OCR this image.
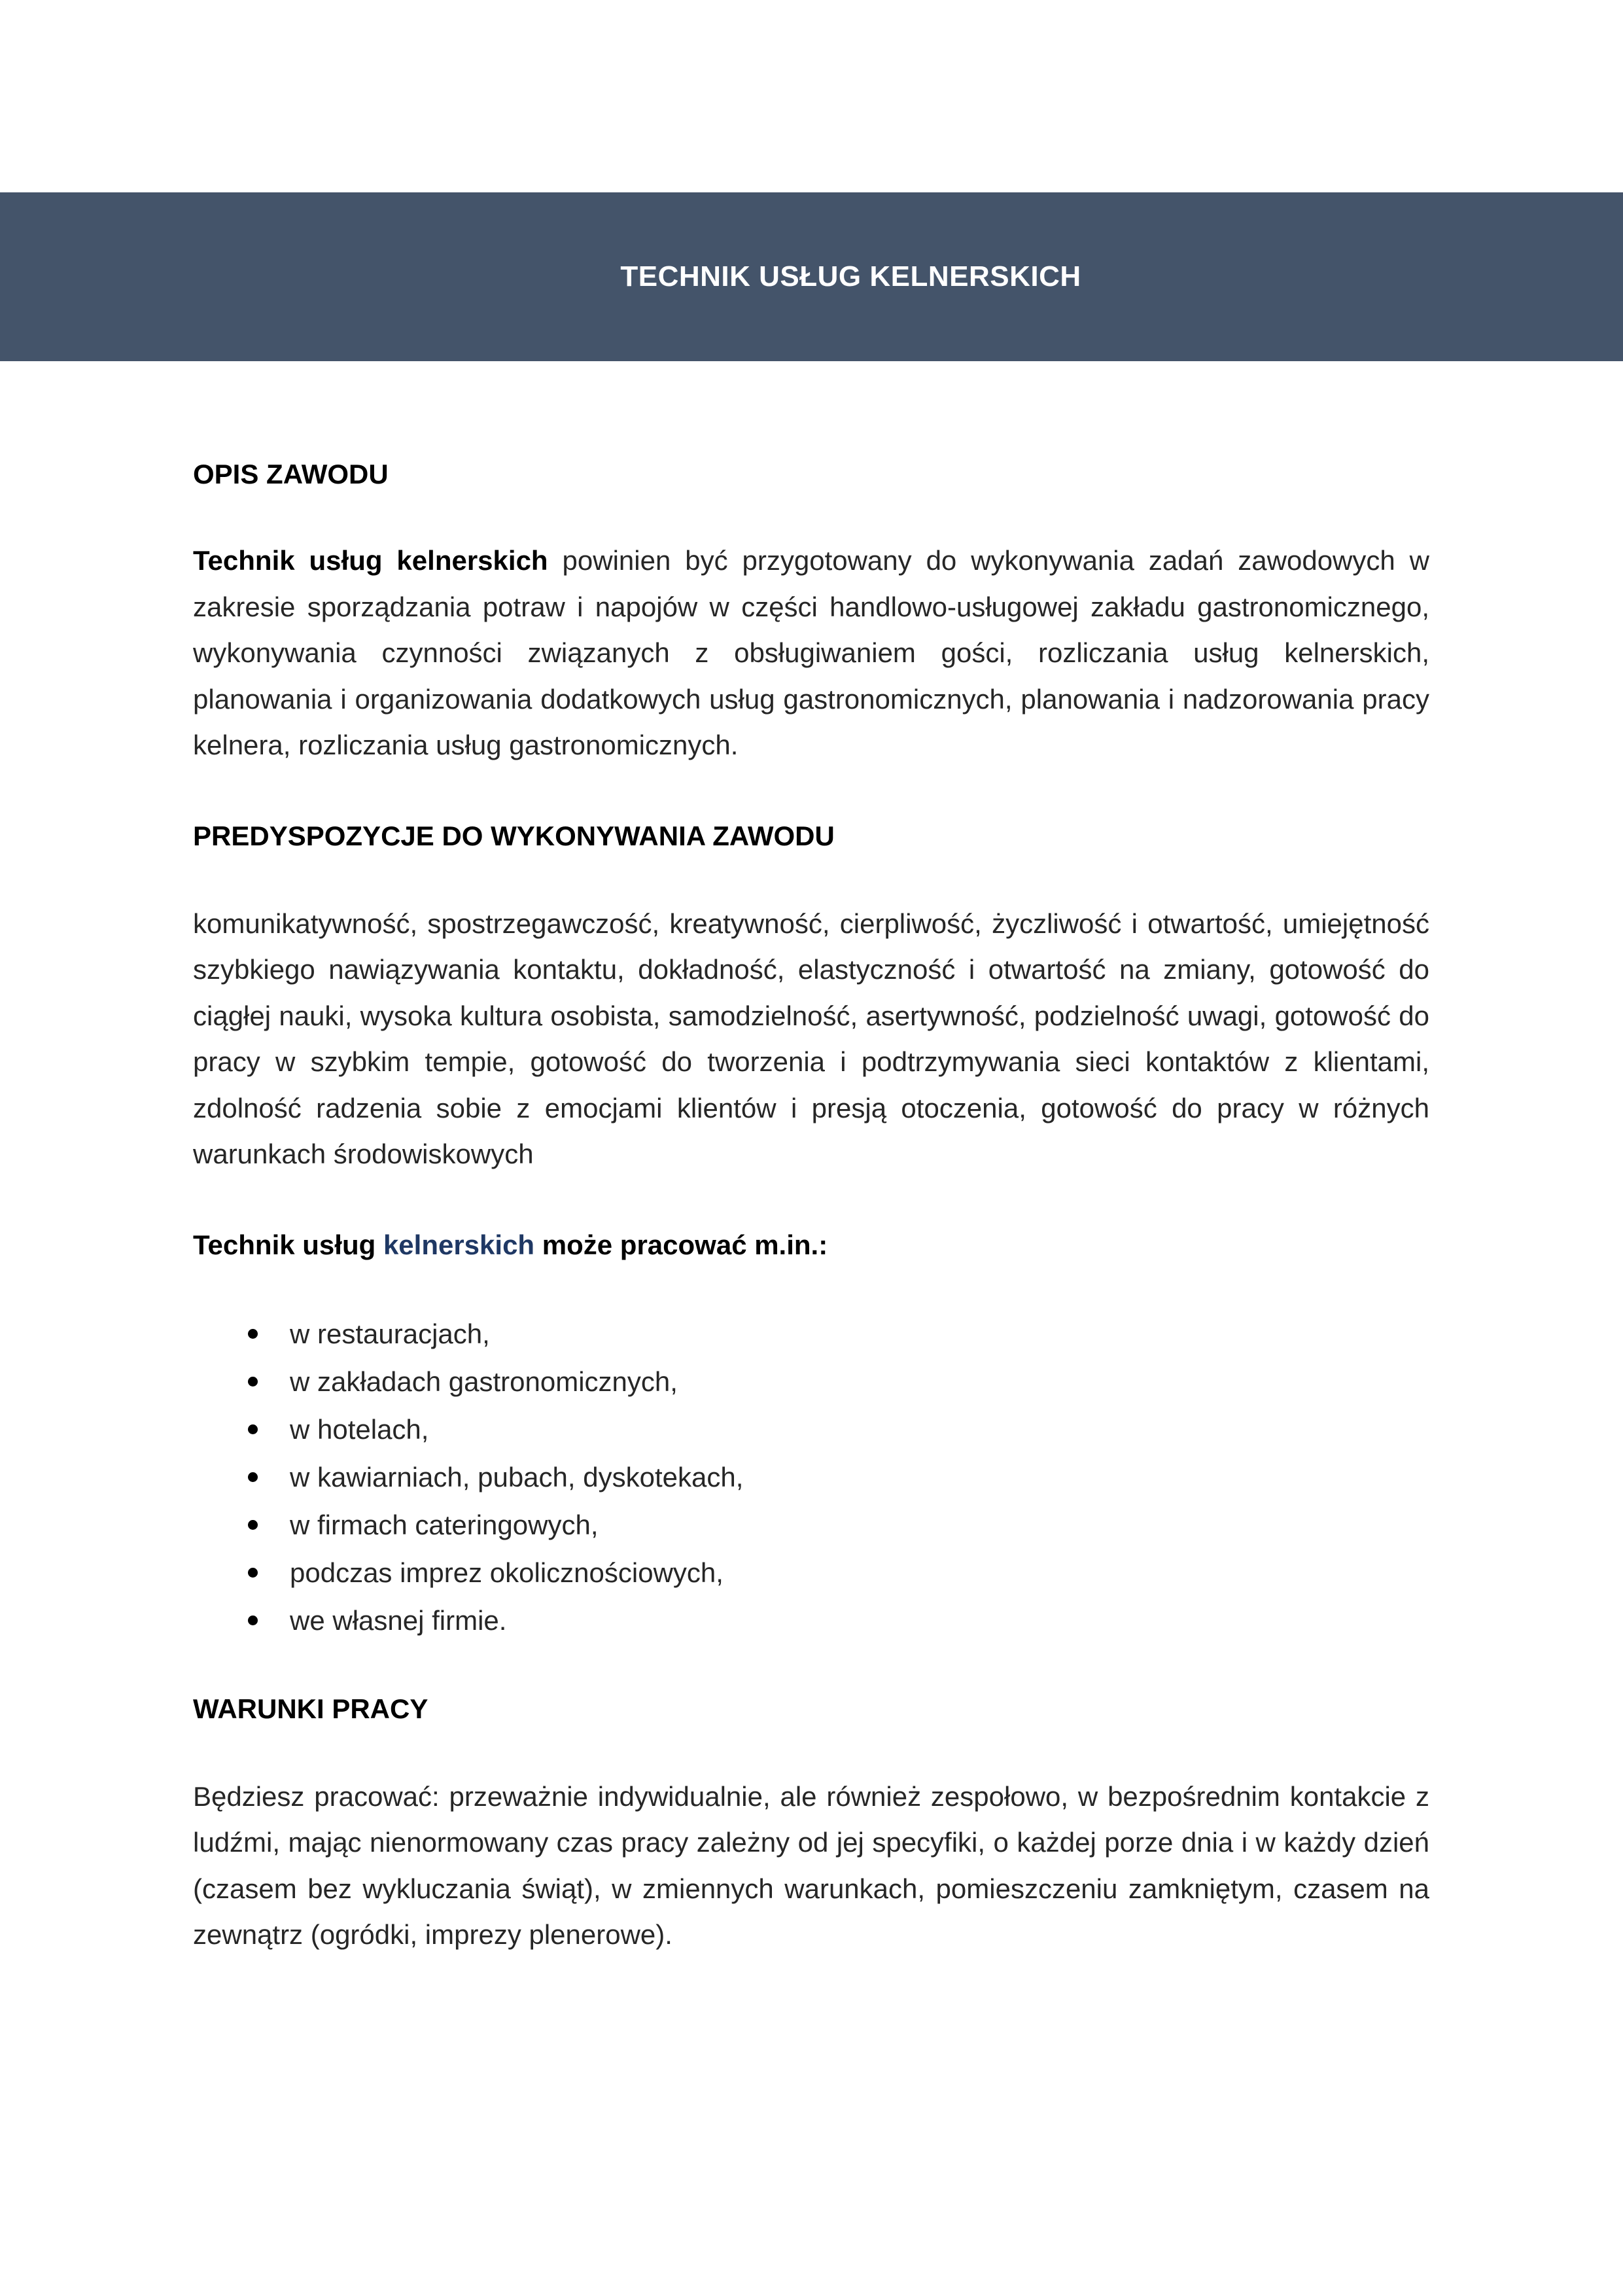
TECHNIK USŁUG KELNERSKICH
OPIS ZAWODU

Technik usług kelnerskich powinien być przygotowany do wykonywania zadań zawodowych w zakresie sporządzania potraw i napojów w części handlowo-usługowej zakładu gastronomicznego, wykonywania czynności związanych z obsługiwaniem gości, rozliczania usług kelnerskich, planowania i organizowania dodatkowych usług gastronomicznych, planowania i nadzorowania pracy kelnera, rozliczania usług gastronomicznych.

PREDYSPOZYCJE DO WYKONYWANIA ZAWODU

komunikatywność, spostrzegawczość, kreatywność, cierpliwość, życzliwość i otwartość, umiejętność szybkiego nawiązywania kontaktu, dokładność, elastyczność i otwartość na zmiany, gotowość do ciągłej nauki, wysoka kultura osobista, samodzielność, asertywność, podzielność uwagi, gotowość do pracy w szybkim tempie, gotowość do tworzenia i podtrzymywania sieci kontaktów z klientami, zdolność radzenia sobie z emocjami klientów i presją otoczenia, gotowość do pracy w różnych warunkach środowiskowych

Technik usług kelnerskich może pracować m.in.:

w restauracjach,
w zakładach gastronomicznych,
w hotelach,
w kawiarniach, pubach, dyskotekach,
w firmach cateringowych,
podczas imprez okolicznościowych,
we własnej firmie.
WARUNKI PRACY

Będziesz pracować: przeważnie indywidualnie, ale również zespołowo, w bezpośrednim kontakcie z ludźmi, mając nienormowany czas pracy zależny od jej specyfiki, o każdej porze dnia i w każdy dzień (czasem bez wykluczania świąt), w zmiennych warunkach, pomieszczeniu zamkniętym, czasem na zewnątrz (ogródki, imprezy plenerowe).
